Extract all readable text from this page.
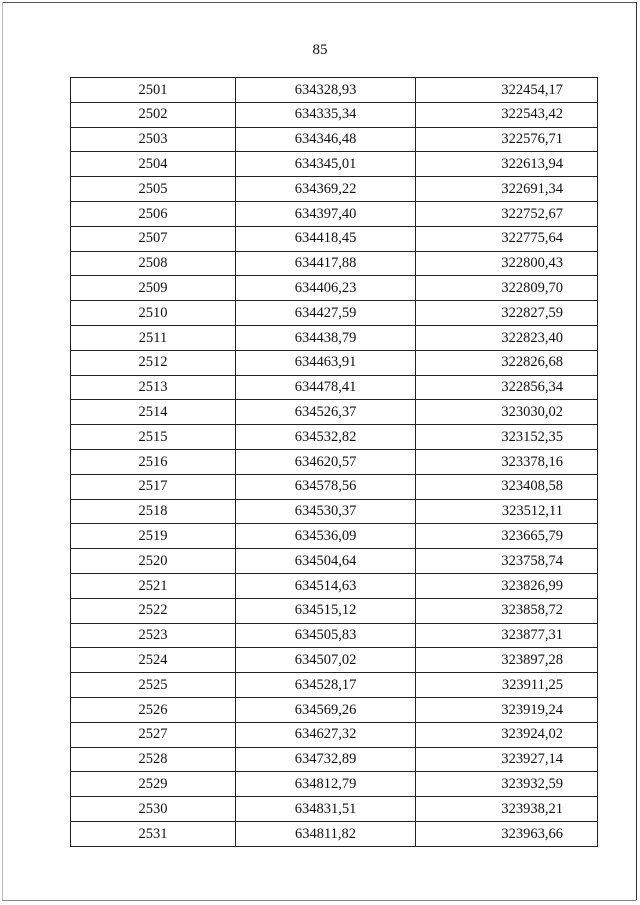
85
2501	634328,93	322454,17
2502	634335,34	322543,42
2503	634346,48	322576,71
2504	634345,01	322613,94
2505	634369,22	322691,34
2506	634397,40	322752,67
2507	634418,45	322775,64
2508	634417,88	322800,43
2509	634406,23	322809,70
2510	634427,59	322827,59
2511	634438,79	322823,40
2512	634463,91	322826,68
2513	634478,41	322856,34
2514	634526,37	323030,02
2515	634532,82	323152,35
2516	634620,57	323378,16
2517	634578,56	323408,58
2518	634530,37	323512,11
2519	634536,09	323665,79
2520	634504,64	323758,74
2521	634514,63	323826,99
2522	634515,12	323858,72
2523	634505,83	323877,31
2524	634507,02	323897,28
2525	634528,17	323911,25
2526	634569,26	323919,24
2527	634627,32	323924,02
2528	634732,89	323927,14
2529	634812,79	323932,59
2530	634831,51	323938,21
2531	634811,82	323963,66
